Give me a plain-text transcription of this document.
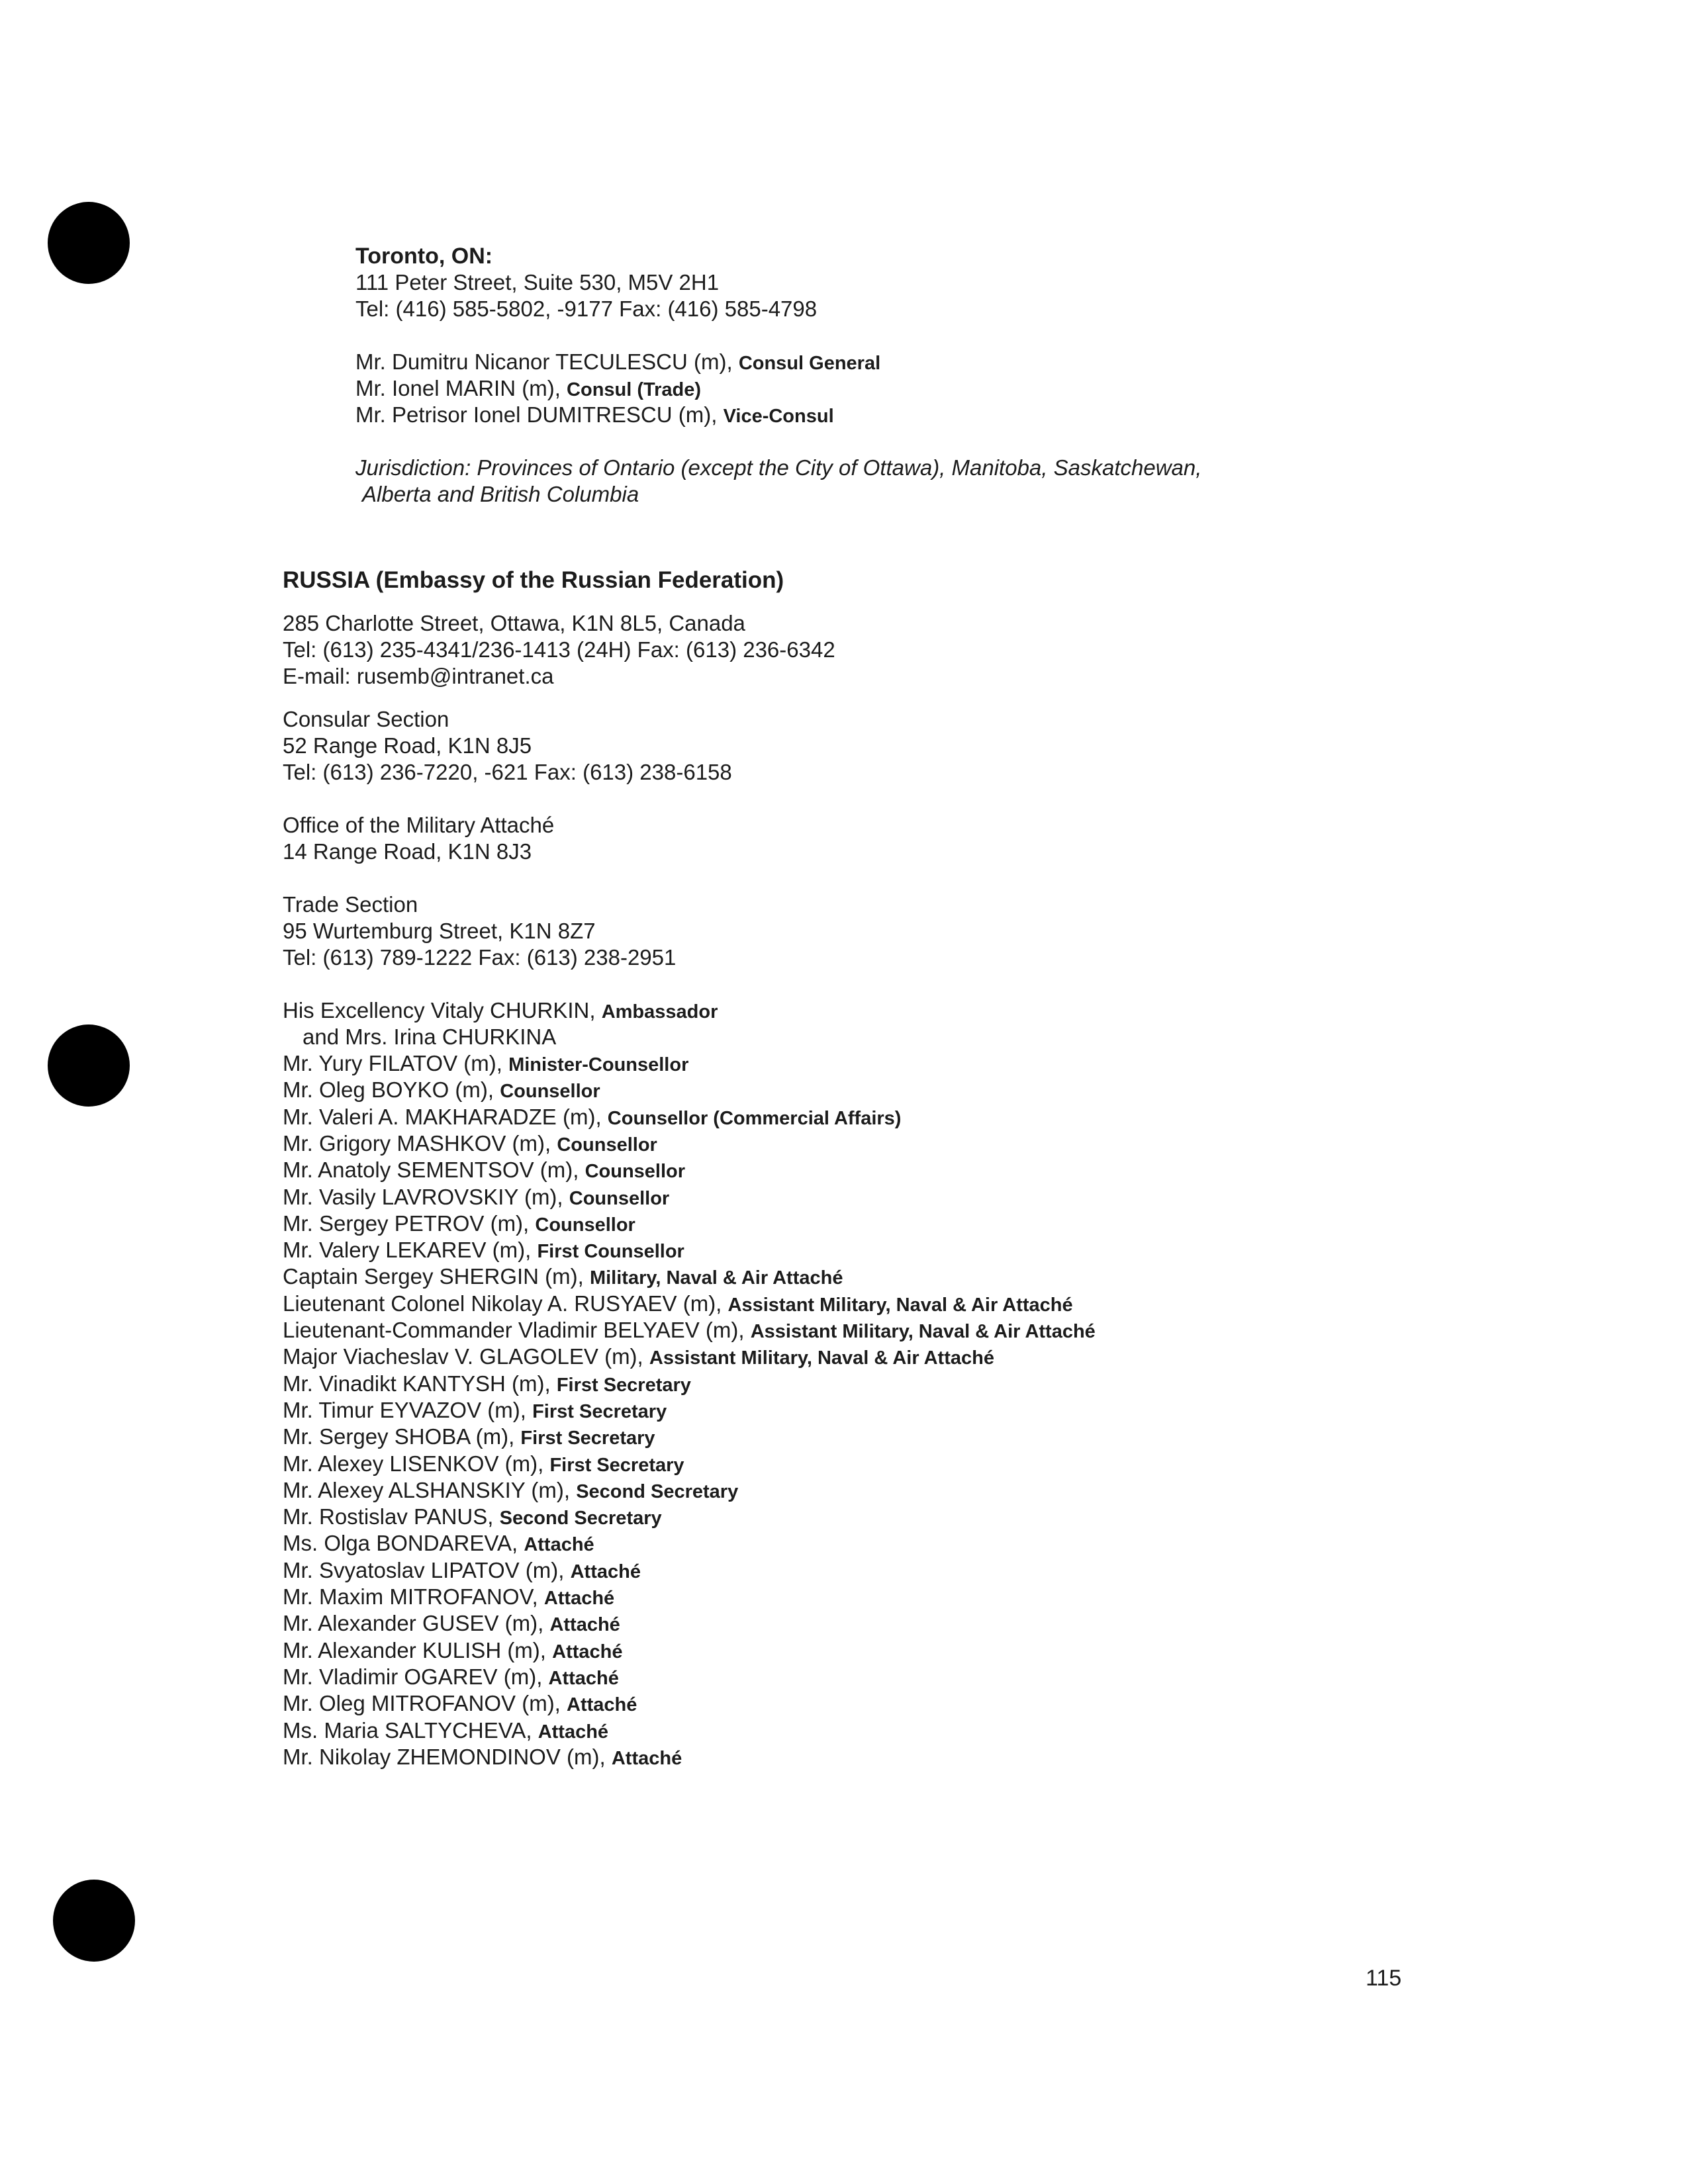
Toronto, ON:
111 Peter Street, Suite 530, M5V 2H1
Tel: (416) 585-5802, -9177 Fax: (416) 585-4798
Mr. Dumitru Nicanor TECULESCU (m), Consul General
Mr. Ionel MARIN (m), Consul (Trade)
Mr. Petrisor Ionel DUMITRESCU (m), Vice-Consul
Jurisdiction: Provinces of Ontario (except the City of Ottawa), Manitoba, Saskatchewan,
Alberta and British Columbia
RUSSIA (Embassy of the Russian Federation)
285 Charlotte Street, Ottawa, K1N 8L5, Canada
Tel: (613) 235-4341/236-1413 (24H) Fax: (613) 236-6342
E-mail: rusemb@intranet.ca
Consular Section
52 Range Road, K1N 8J5
Tel: (613) 236-7220, -621 Fax: (613) 238-6158
Office of the Military Attaché
14 Range Road, K1N 8J3
Trade Section
95 Wurtemburg Street, K1N 8Z7
Tel: (613) 789-1222 Fax: (613) 238-2951
His Excellency Vitaly CHURKIN, Ambassador
and Mrs. Irina CHURKINA
Mr. Yury FILATOV (m), Minister-Counsellor
Mr. Oleg BOYKO (m), Counsellor
Mr. Valeri A. MAKHARADZE (m), Counsellor (Commercial Affairs)
Mr. Grigory MASHKOV (m), Counsellor
Mr. Anatoly SEMENTSOV (m), Counsellor
Mr. Vasily LAVROVSKIY (m), Counsellor
Mr. Sergey PETROV (m), Counsellor
Mr. Valery LEKAREV (m), First Counsellor
Captain Sergey SHERGIN (m), Military, Naval & Air Attaché
Lieutenant Colonel Nikolay A. RUSYAEV (m), Assistant Military, Naval & Air Attaché
Lieutenant-Commander Vladimir BELYAEV (m), Assistant Military, Naval & Air Attaché
Major Viacheslav V. GLAGOLEV (m), Assistant Military, Naval & Air Attaché
Mr. Vinadikt KANTYSH (m), First Secretary
Mr. Timur EYVAZOV (m), First Secretary
Mr. Sergey SHOBA (m), First Secretary
Mr. Alexey LISENKOV (m), First Secretary
Mr. Alexey ALSHANSKIY (m), Second Secretary
Mr. Rostislav PANUS, Second Secretary
Ms. Olga BONDAREVA, Attaché
Mr. Svyatoslav LIPATOV (m), Attaché
Mr. Maxim MITROFANOV, Attaché
Mr. Alexander GUSEV (m), Attaché
Mr. Alexander KULISH (m), Attaché
Mr. Vladimir OGAREV (m), Attaché
Mr. Oleg MITROFANOV (m), Attaché
Ms. Maria SALTYCHEVA, Attaché
Mr. Nikolay ZHEMONDINOV (m), Attaché
115
